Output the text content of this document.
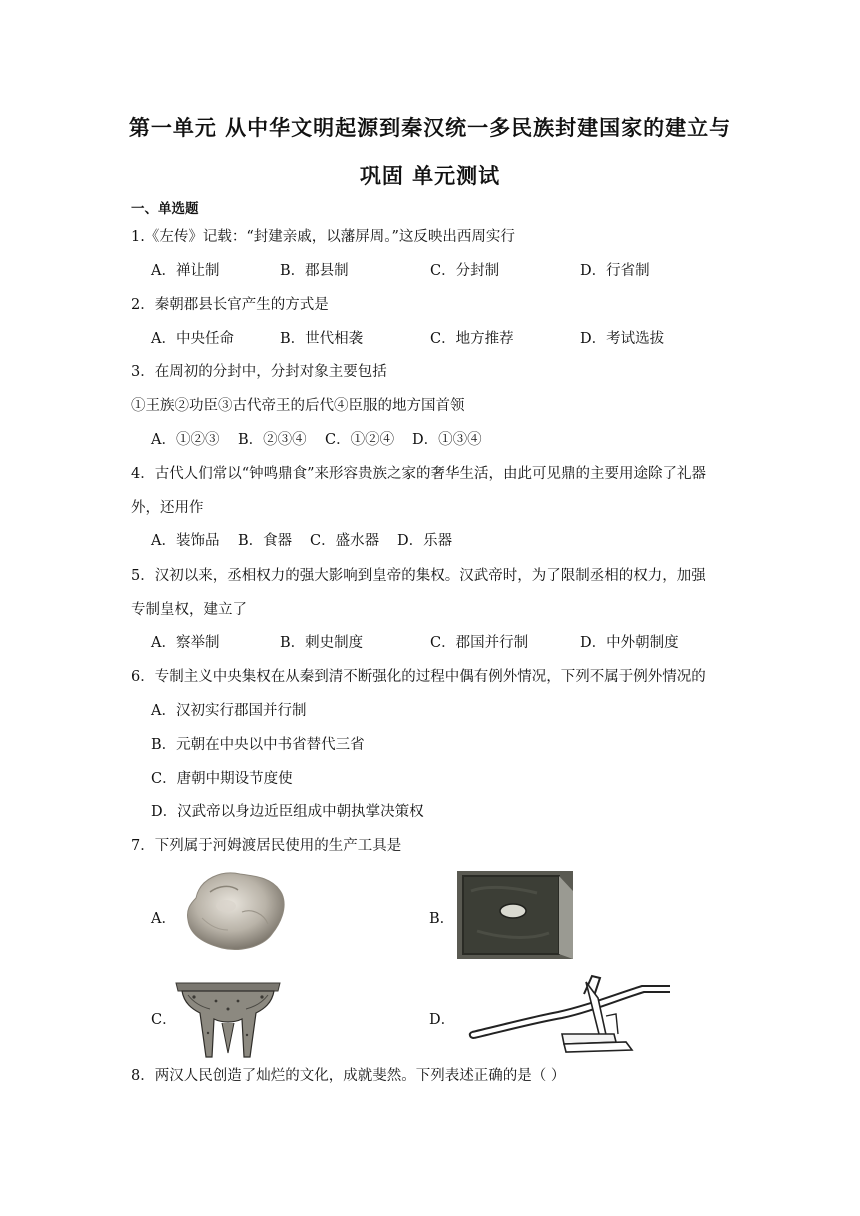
第一单元 从中华文明起源到秦汉统一多民族封建国家的建立与
巩固 单元测试
一、单选题
1.《左传》记载：“封建亲戚，以藩屏周。”这反映出西周实行
A．禅让制	B．郡县制	C．分封制	D．行省制
2．秦朝郡县长官产生的方式是
A．中央任命	B．世代相袭	C．地方推荐	D．考试选拔
3．在周初的分封中，分封对象主要包括
①王族②功臣③古代帝王的后代④臣服的地方国首领
A．①②③ B．②③④ C．①②④ D．①③④
4．古代人们常以“钟鸣鼎食”来形容贵族之家的奢华生活，由此可见鼎的主要用途除了礼器
外，还用作
A．装饰品 B．食器 C．盛水器 D．乐器
5．汉初以来，丞相权力的强大影响到皇帝的集权。汉武帝时，为了限制丞相的权力，加强
专制皇权，建立了
A．察举制	B．刺史制度	C．郡国并行制	D．中外朝制度
6．专制主义中央集权在从秦到清不断强化的过程中偶有例外情况，下列不属于例外情况的
A．汉初实行郡国并行制
B．元朝在中央以中书省替代三省
C．唐朝中期设节度使
D．汉武帝以身边近臣组成中朝执掌决策权
7．下列属于河姆渡居民使用的生产工具是
A．	B．
C．	D．
8．两汉人民创造了灿烂的文化，成就斐然。下列表述正确的是（ ）
